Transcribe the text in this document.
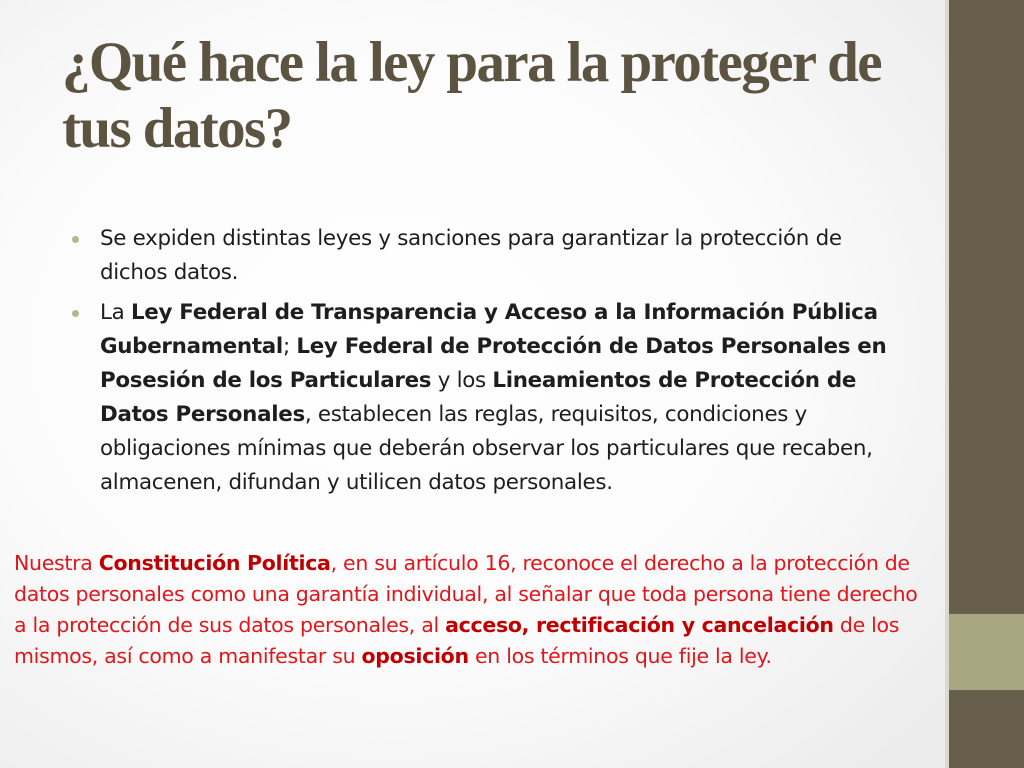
¿Qué hace la ley para la proteger de tus datos?
Se expiden distintas leyes y sanciones para garantizar la protección de dichos datos.
La Ley Federal de Transparencia y Acceso a la Información Pública Gubernamental; Ley Federal de Protección de Datos Personales en Posesión de los Particulares y los Lineamientos de Protección de Datos Personales, establecen las reglas, requisitos, condiciones y obligaciones mínimas que deberán observar los particulares que recaben, almacenen, difundan y utilicen datos personales.

Nuestra Constitución Política, en su artículo 16, reconoce el derecho a la protección de datos personales como una garantía individual, al señalar que toda persona tiene derecho a la protección de sus datos personales, al acceso, rectificación y cancelación de los mismos, así como a manifestar su oposición en los términos que fije la ley.
